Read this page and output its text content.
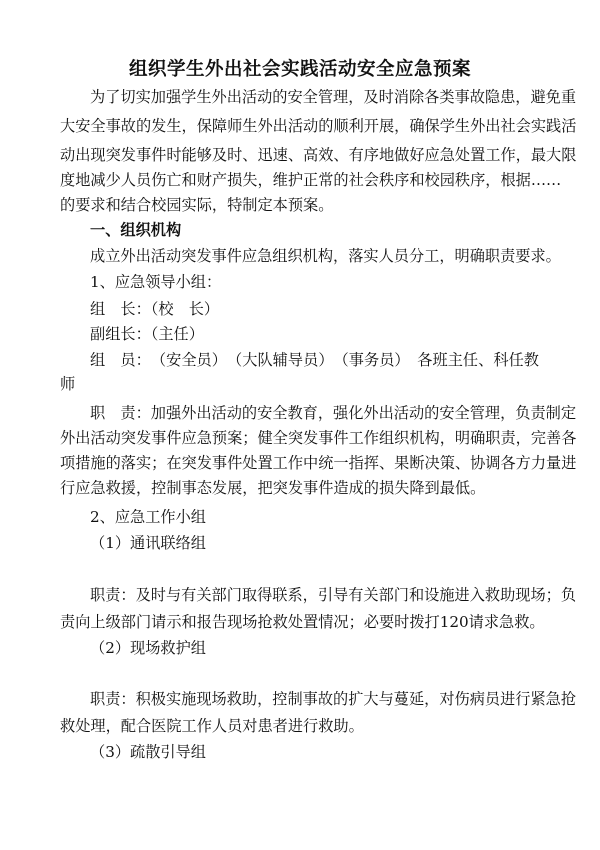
组织学生外出社会实践活动安全应急预案
为了切实加强学生外出活动的安全管理，及时消除各类事故隐患，避免重
大安全事故的发生，保障师生外出活动的顺利开展，确保学生外出社会实践活
动出现突发事件时能够及时、迅速、高效、有序地做好应急处置工作，最大限
度地减少人员伤亡和财产损失，维护正常的社会秩序和校园秩序，根据……
的要求和结合校园实际，特制定本预案。
一、组织机构
成立外出活动突发事件应急组织机构，落实人员分工，明确职责要求。
1、应急领导小组：
组　长：（校　长）
副组长：（主任）
组　员：　 （安全员）　 （大队辅导员）　 （事务员）　 各班主任、科任教
师
职　责：加强外出活动的安全教育，强化外出活动的安全管理，负责制定
外出活动突发事件应急预案；健全突发事件工作组织机构，明确职责，完善各
项措施的落实；在突发事件处置工作中统一指挥、果断决策、协调各方力量进
行应急救援，控制事态发展，把突发事件造成的损失降到最低。
2、应急工作小组
（1）通讯联络组
职责：及时与有关部门取得联系，引导有关部门和设施进入救助现场；负
责向上级部门请示和报告现场抢救处置情况；必要时拨打120请求急救。
（2）现场救护组
职责：积极实施现场救助，控制事故的扩大与蔓延，对伤病员进行紧急抢
救处理，配合医院工作人员对患者进行救助。
（3）疏散引导组
